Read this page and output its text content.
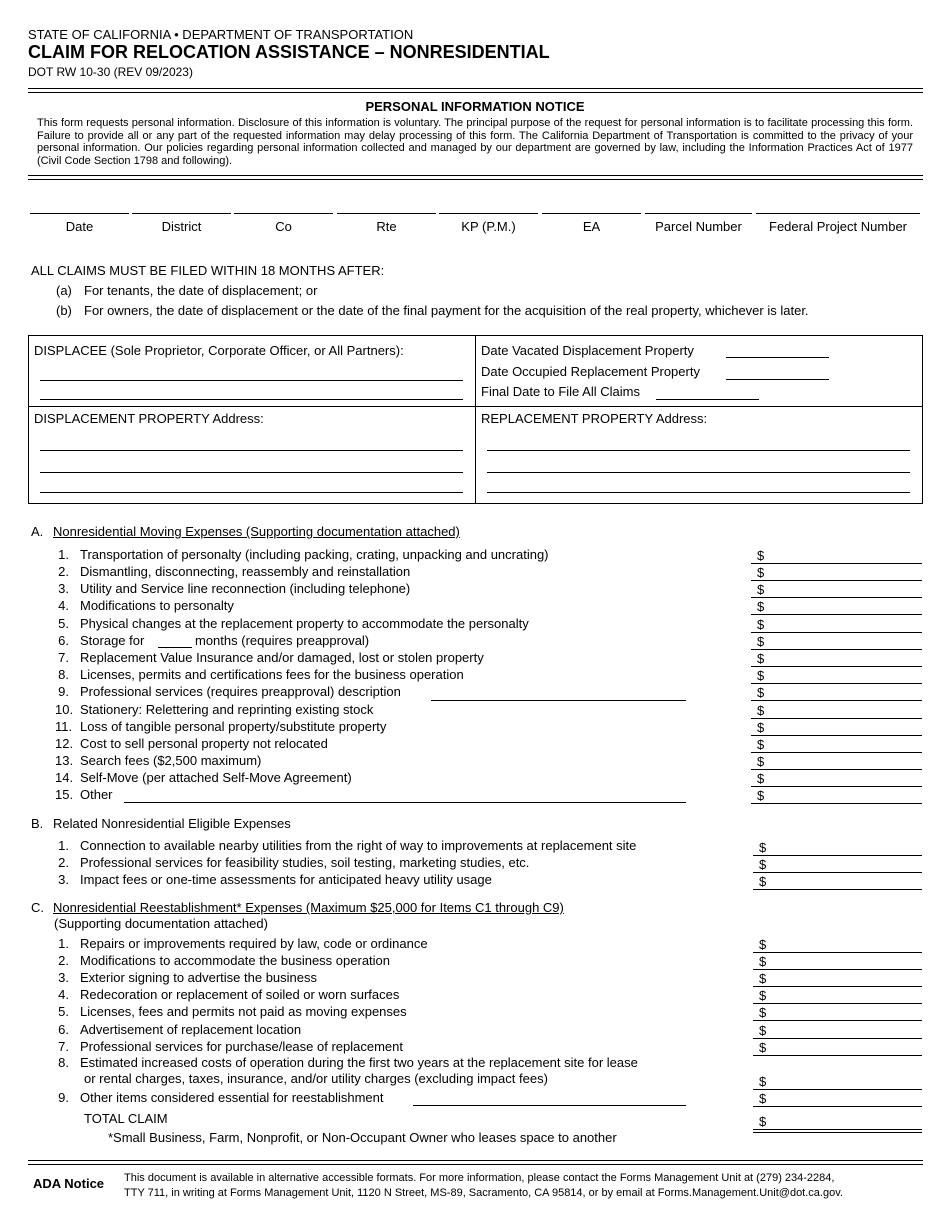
STATE OF CALIFORNIA • DEPARTMENT OF TRANSPORTATION
CLAIM FOR RELOCATION ASSISTANCE – NONRESIDENTIAL
DOT RW 10-30 (REV 09/2023)
PERSONAL INFORMATION NOTICE
This form requests personal information. Disclosure of this information is voluntary. The principal purpose of the request for personal information is to facilitate processing this form. Failure to provide all or any part of the requested information may delay processing of this form. The California Department of Transportation is committed to the privacy of your personal information. Our policies regarding personal information collected and managed by our department are governed by law, including the Information Practices Act of 1977 (Civil Code Section 1798 and following).
Date	District	Co	Rte	KP (P.M.)	EA	Parcel Number	Federal Project Number
ALL CLAIMS MUST BE FILED WITHIN 18 MONTHS AFTER:
(a) For tenants, the date of displacement; or
(b) For owners, the date of displacement or the date of the final payment for the acquisition of the real property, whichever is later.
DISPLACEE (Sole Proprietor, Corporate Officer, or All Partners):	Date Vacated Displacement Property
Date Occupied Replacement Property
Final Date to File All Claims
DISPLACEMENT PROPERTY Address:	REPLACEMENT PROPERTY Address:
A. Nonresidential Moving Expenses (Supporting documentation attached)
1. Transportation of personalty (including packing, crating, unpacking and uncrating)	$
2. Dismantling, disconnecting, reassembly and reinstallation	$
3. Utility and Service line reconnection (including telephone)	$
4. Modifications to personalty	$
5. Physical changes at the replacement property to accommodate the personalty	$
6. Storage for	months (requires preapproval)	$
7. Replacement Value Insurance and/or damaged, lost or stolen property	$
8. Licenses, permits and certifications fees for the business operation	$
9. Professional services (requires preapproval) description	$
10. Stationery: Relettering and reprinting existing stock	$
11. Loss of tangible personal property/substitute property	$
12. Cost to sell personal property not relocated	$
13. Search fees ($2,500 maximum)	$
14. Self-Move (per attached Self-Move Agreement)	$
15. Other	$
B. Related Nonresidential Eligible Expenses
1. Connection to available nearby utilities from the right of way to improvements at replacement site	$
2. Professional services for feasibility studies, soil testing, marketing studies, etc.	$
3. Impact fees or one-time assessments for anticipated heavy utility usage	$
C. Nonresidential Reestablishment* Expenses (Maximum $25,000 for Items C1 through C9)
(Supporting documentation attached)
1. Repairs or improvements required by law, code or ordinance	$
2. Modifications to accommodate the business operation	$
3. Exterior signing to advertise the business	$
4. Redecoration or replacement of soiled or worn surfaces	$
5. Licenses, fees and permits not paid as moving expenses	$
6. Advertisement of replacement location	$
7. Professional services for purchase/lease of replacement	$
8. Estimated increased costs of operation during the first two years at the replacement site for lease
or rental charges, taxes, insurance, and/or utility charges (excluding impact fees)	$
9. Other items considered essential for reestablishment	$
TOTAL CLAIM	$
*Small Business, Farm, Nonprofit, or Non-Occupant Owner who leases space to another
ADA Notice This document is available in alternative accessible formats. For more information, please contact the Forms Management Unit at (279) 234-2284,
TTY 711, in writing at Forms Management Unit, 1120 N Street, MS-89, Sacramento, CA 95814, or by email at Forms.Management.Unit@dot.ca.gov.
